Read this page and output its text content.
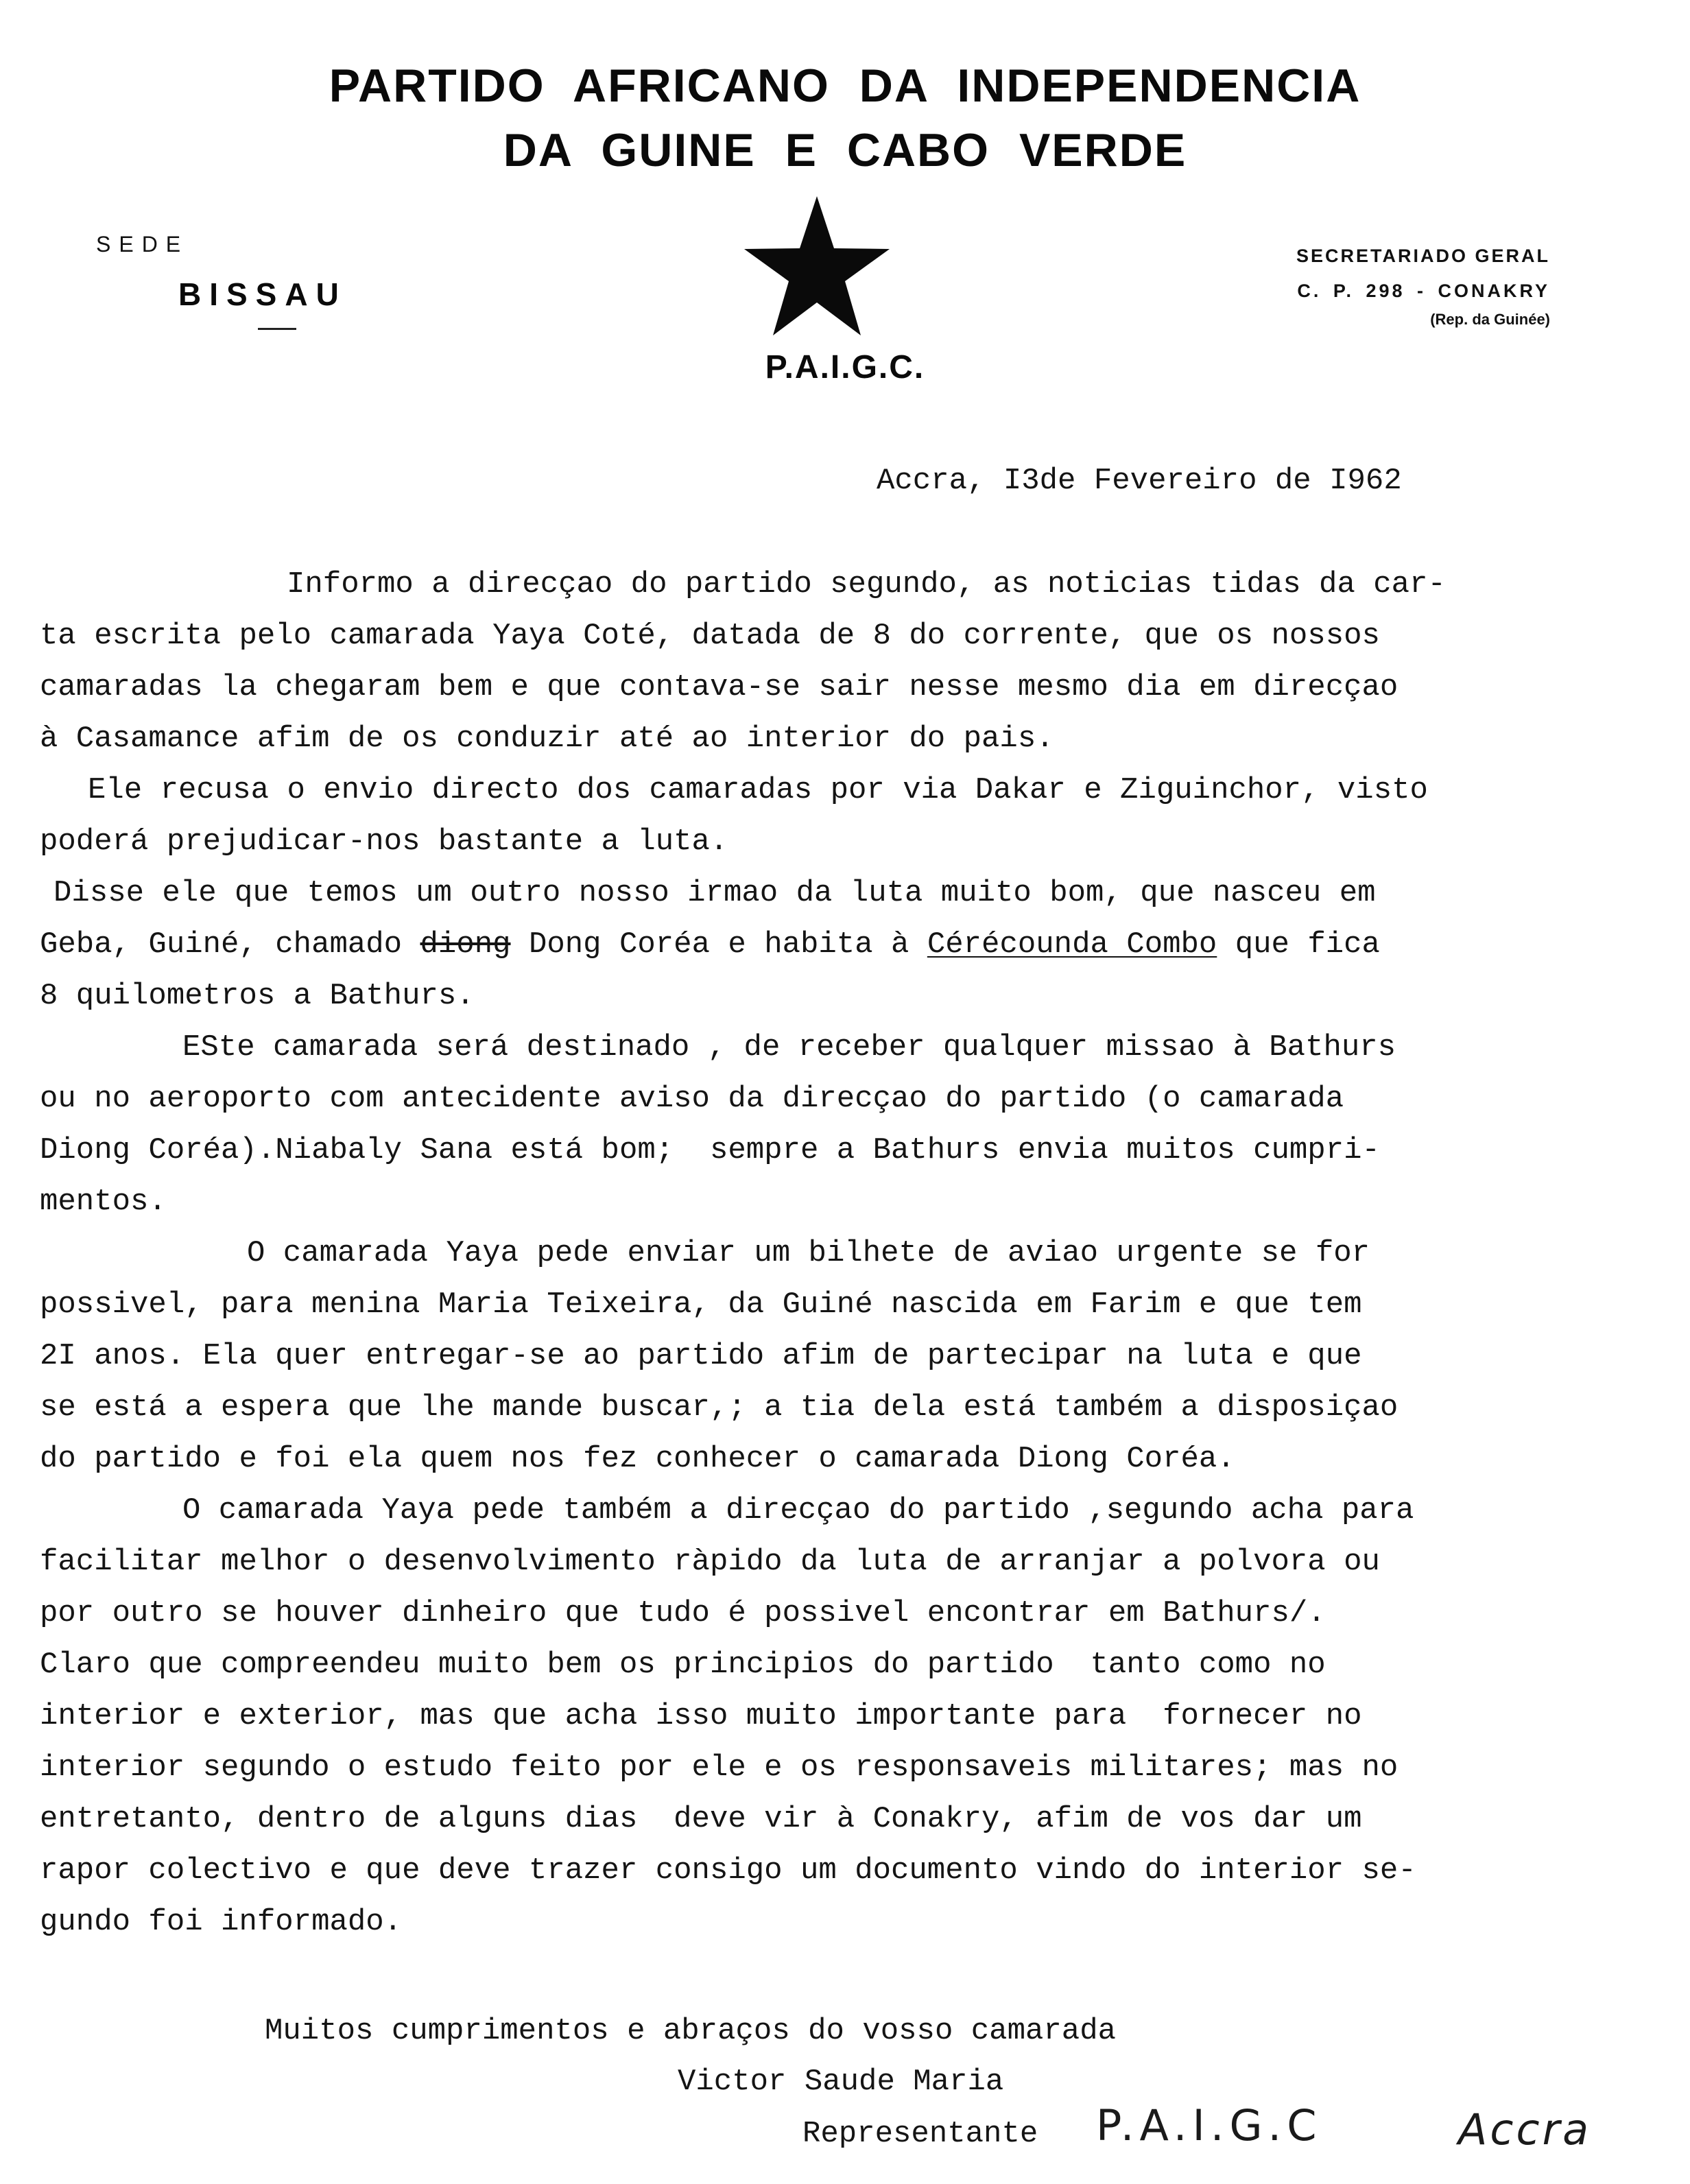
PARTIDO AFRICANO DA INDEPENDENCIA
DA GUINE E CABO VERDE
SEDE
BISSAU
P.A.I.G.C.
SECRETARIADO GERAL
C. P. 298 - CONAKRY
(Rep. da Guinée)
Accra, I3de Fevereiro de I962
Informo a direcçao do partido segundo, as noticias tidas da car-
ta escrita pelo camarada Yaya Coté, datada de 8 do corrente, que os nossos
camaradas la chegaram bem e que contava-se sair nesse mesmo dia em direcçao
à Casamance afim de os conduzir até ao interior do pais.
Ele recusa o envio directo dos camaradas por via Dakar e Ziguinchor, visto
poderá prejudicar-nos bastante a luta.
Disse ele que temos um outro nosso irmao da luta muito bom, que nasceu em
Geba, Guiné, chamado diong Dong Coréa e habita à Cérécounda Combo que fica
8 quilometros a Bathurs.
ESte camarada será destinado , de receber qualquer missao à Bathurs
ou no aeroporto com antecidente aviso da direcçao do partido (o camarada
Diong Coréa).Niabaly Sana está bom;  sempre a Bathurs envia muitos cumpri-
mentos.
O camarada Yaya pede enviar um bilhete de aviao urgente se for
possivel, para menina Maria Teixeira, da Guiné nascida em Farim e que tem
2I anos. Ela quer entregar-se ao partido afim de partecipar na luta e que
se está a espera que lhe mande buscar,; a tia dela está também a disposiçao
do partido e foi ela quem nos fez conhecer o camarada Diong Coréa.
O camarada Yaya pede também a direcçao do partido ,segundo acha para
facilitar melhor o desenvolvimento ràpido da luta de arranjar a polvora ou
por outro se houver dinheiro que tudo é possivel encontrar em Bathurs/.
Claro que compreendeu muito bem os principios do partido  tanto como no
interior e exterior, mas que acha isso muito importante para  fornecer no
interior segundo o estudo feito por ele e os responsaveis militares; mas no
entretanto, dentro de alguns dias  deve vir à Conakry, afim de vos dar um
rapor colectivo e que deve trazer consigo um documento vindo do interior se-
gundo foi informado.
Muitos cumprimentos e abraços do vosso camarada
Victor Saude Maria
Representante P.A.I.G.C	Accra
